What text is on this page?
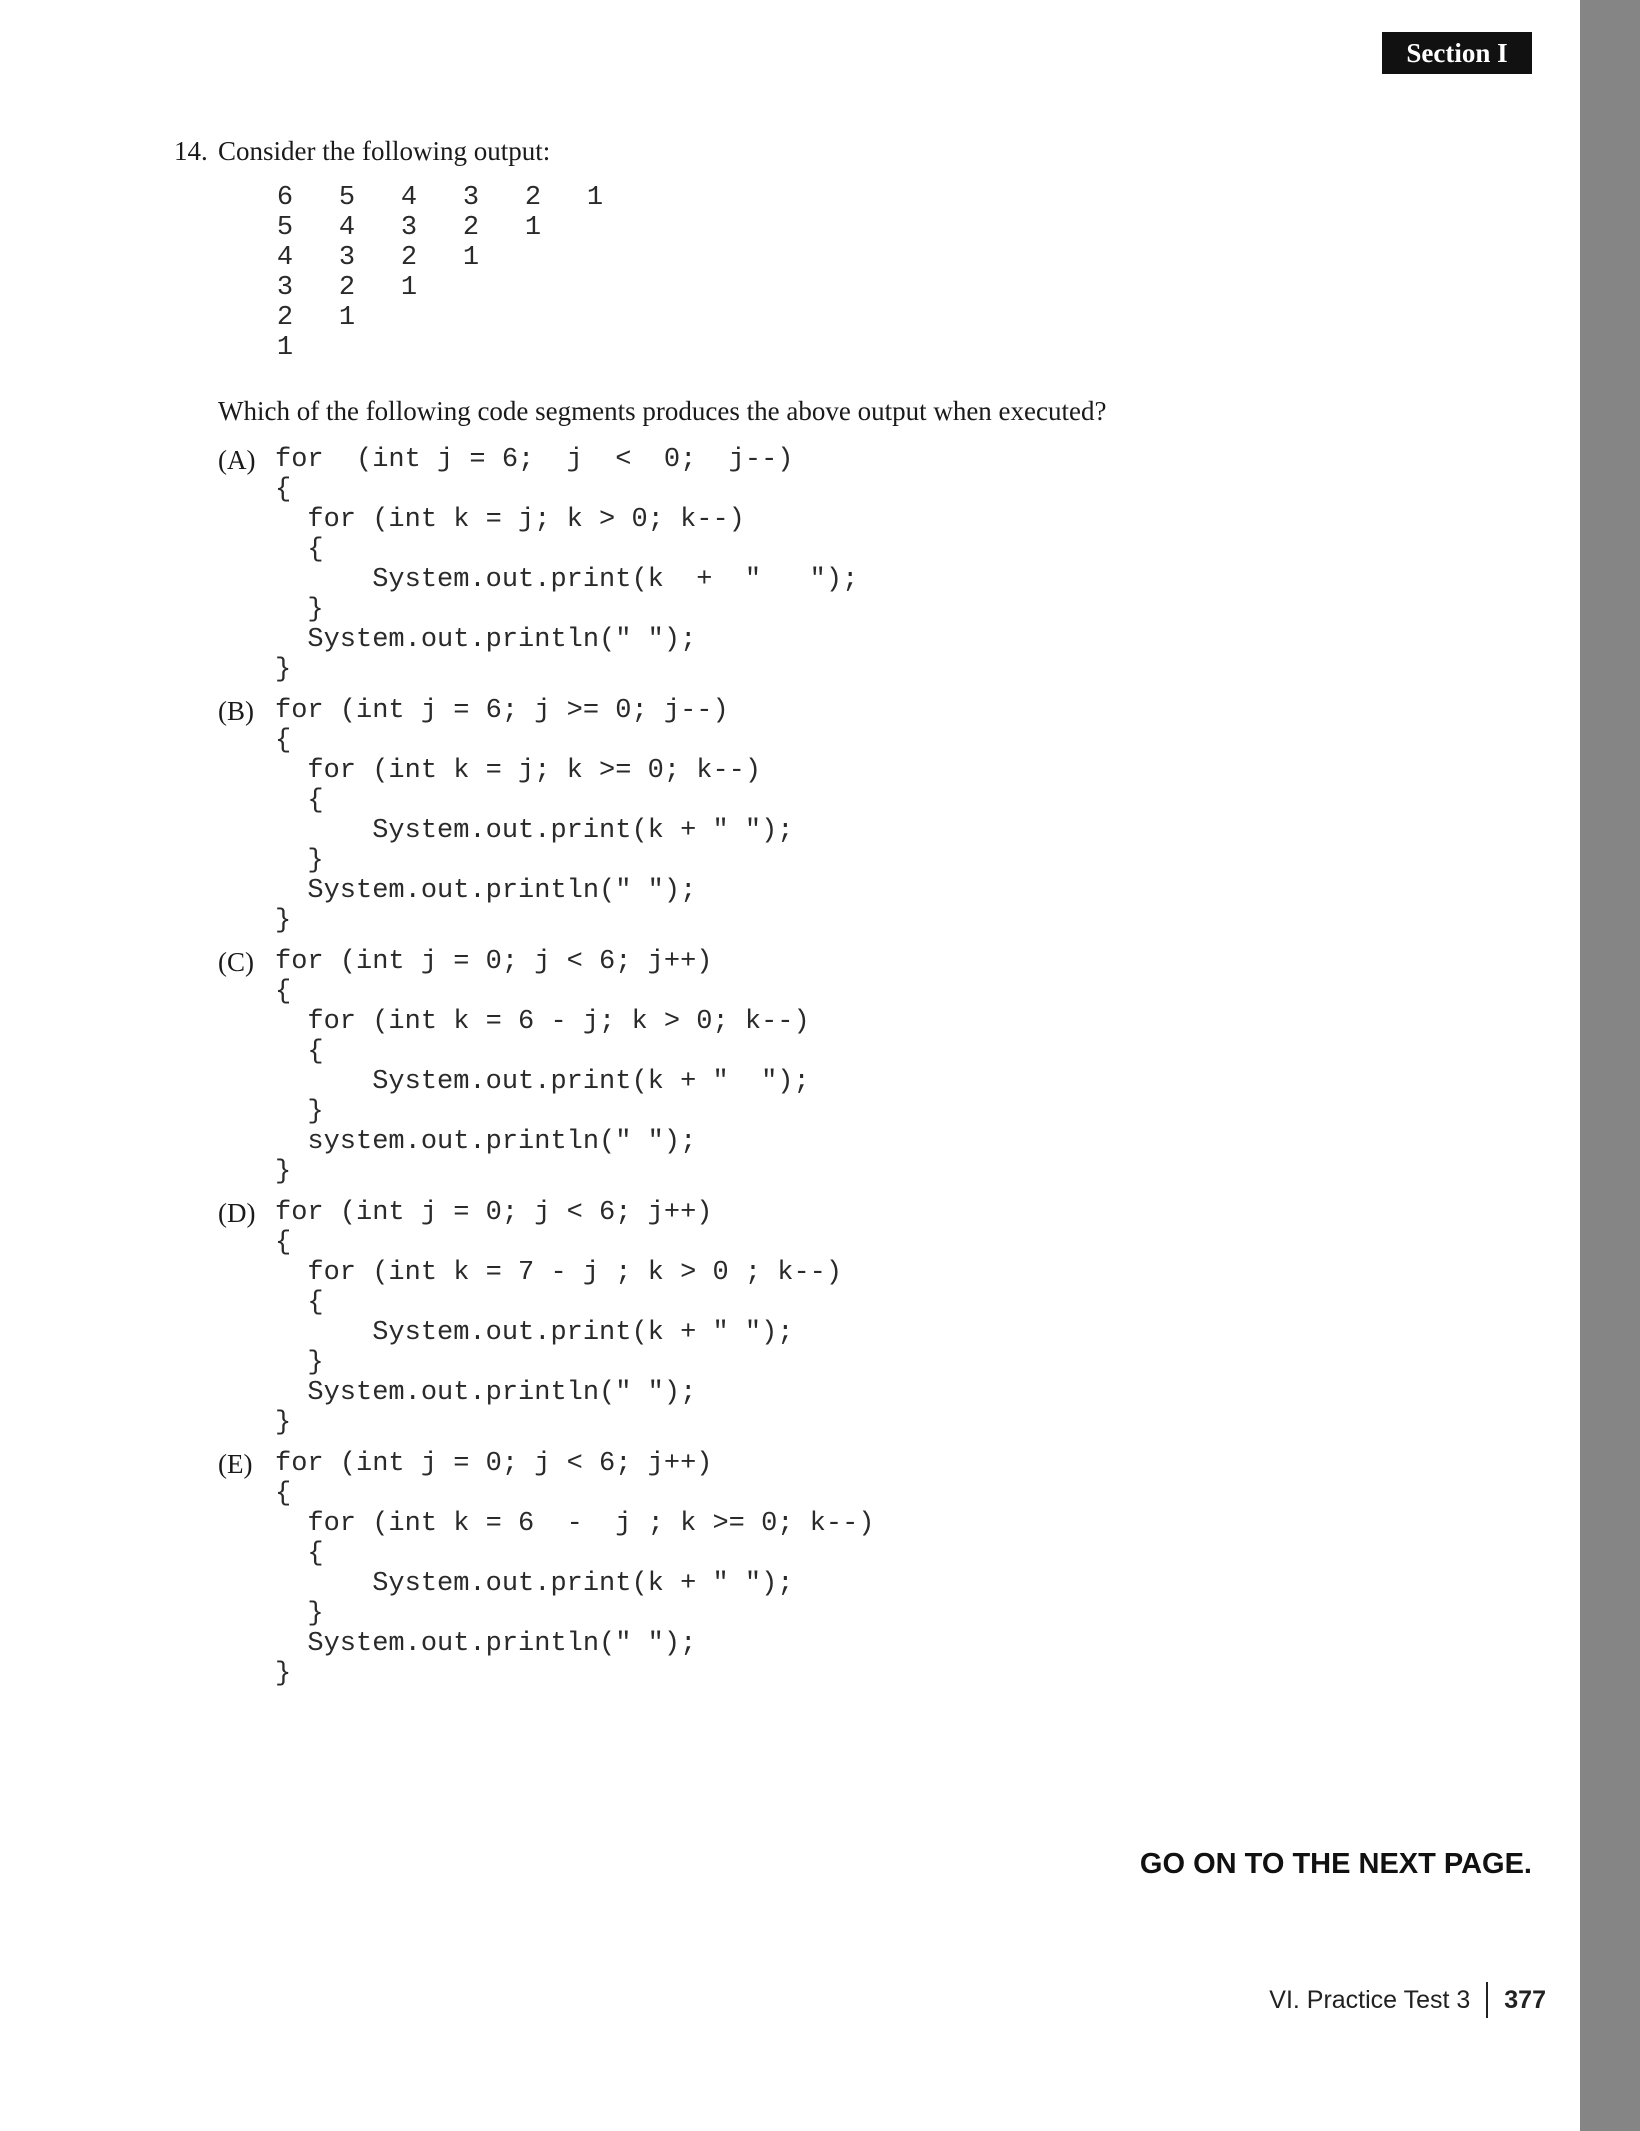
Section I
14. Consider the following output:
6 5 4 3 2 1
5 4 3 2 1
4 3 2 1
3 2 1
2 1
1
Which of the following code segments produces the above output when executed?
(A) for  (int j = 6;  j  <  0;  j--)
{
for (int k = j; k > 0; k--)
{
System.out.print(k  +  "   ");
}
System.out.println(" ");
}
(B) for (int j = 6; j >= 0; j--)
{
for (int k = j; k >= 0; k--)
{
System.out.print(k + " ");
}
System.out.println(" ");
}
(C) for (int j = 0; j < 6; j++)
{
for (int k = 6 - j; k > 0; k--)
{
System.out.print(k + "  ");
}
system.out.println(" ");
}
(D) for (int j = 0; j < 6; j++)
{
for (int k = 7 - j ; k > 0 ; k--)
{
System.out.print(k + " ");
}
System.out.println(" ");
}
(E) for (int j = 0; j < 6; j++)
{
for (int k = 6  -  j ; k >= 0; k--)
{
System.out.print(k + " ");
}
System.out.println(" ");
}
GO ON TO THE NEXT PAGE.
VI. Practice Test 3 377
